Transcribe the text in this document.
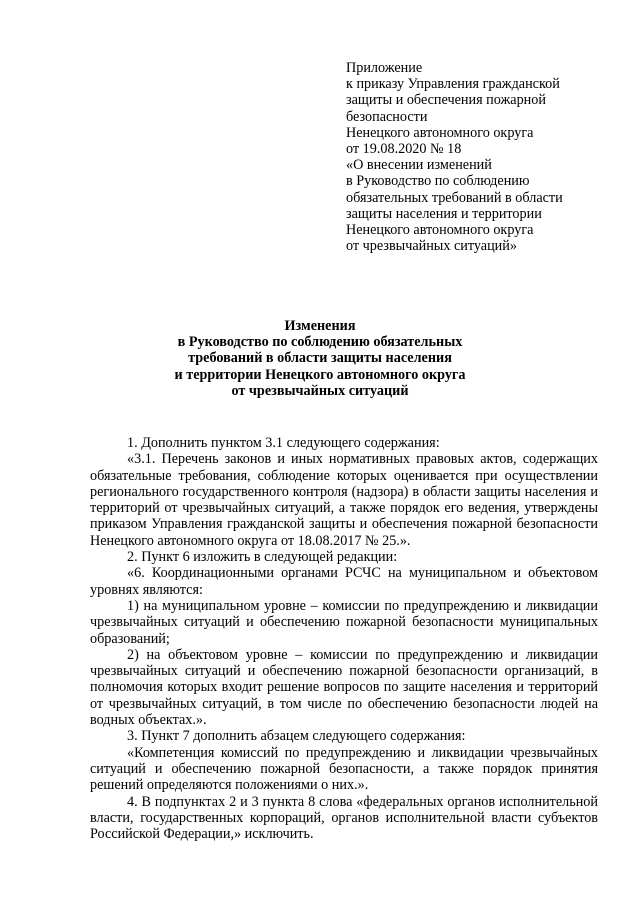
Приложение
к приказу Управления гражданской
защиты и обеспечения пожарной
безопасности
Ненецкого автономного округа
от 19.08.2020 № 18
«О внесении изменений
в Руководство по соблюдению
обязательных требований в области
защиты населения и территории
Ненецкого автономного округа
от чрезвычайных ситуаций»
Изменения
в Руководство по соблюдению обязательных
требований в области защиты населения
и территории Ненецкого автономного округа
от чрезвычайных ситуаций

1. Дополнить пунктом 3.1 следующего содержания:

«3.1. Перечень законов и иных нормативных правовых актов, содержащих обязательные требования, соблюдение которых оценивается при осуществлении регионального государственного контроля (надзора) в области защиты населения и территорий от чрезвычайных ситуаций, а также порядок его ведения, утверждены приказом Управления гражданской защиты и обеспечения пожарной безопасности Ненецкого автономного округа от 18.08.2017 № 25.».

2. Пункт 6 изложить в следующей редакции:

«6. Координационными органами РСЧС на муниципальном и объектовом уровнях являются:

1) на муниципальном уровне – комиссии по предупреждению и ликвидации чрезвычайных ситуаций и обеспечению пожарной безопасности муниципальных образований;

2) на объектовом уровне – комиссии по предупреждению и ликвидации чрезвычайных ситуаций и обеспечению пожарной безопасности организаций, в полномочия которых входит решение вопросов по защите населения и территорий от чрезвычайных ситуаций, в том числе по обеспечению безопасности людей на водных объектах.».

3. Пункт 7 дополнить абзацем следующего содержания:

«Компетенция комиссий по предупреждению и ликвидации чрезвычайных ситуаций и обеспечению пожарной безопасности, а также порядок принятия решений определяются положениями о них.».

4. В подпунктах 2 и 3 пункта 8 слова «федеральных органов исполнительной власти, государственных корпораций, органов исполнительной власти субъектов Российской Федерации,» исключить.
